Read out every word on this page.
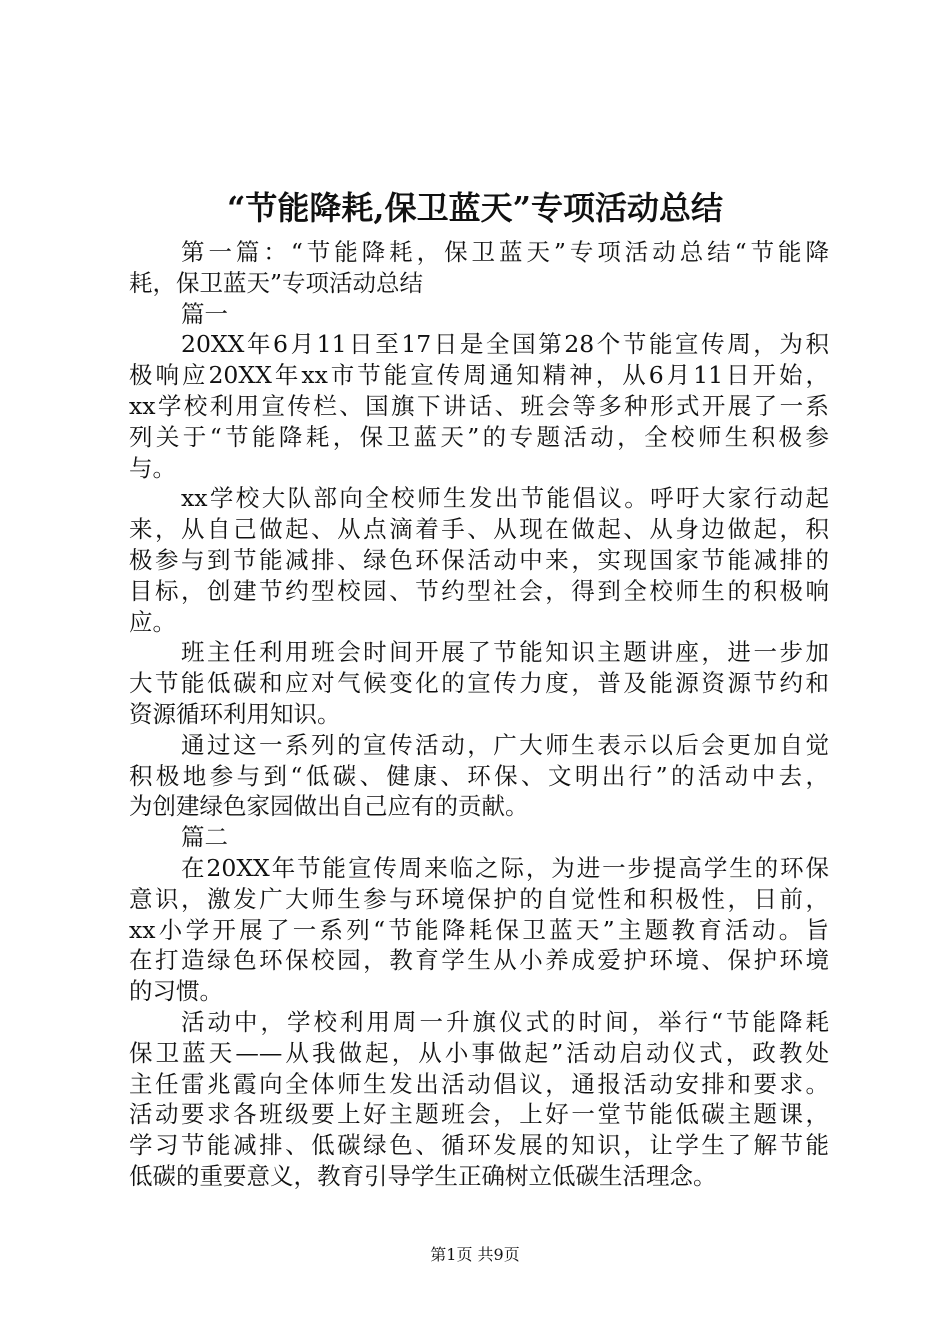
“节能降耗,保卫蓝天”专项活动总结
第一篇：“节能降耗，保卫蓝天”专项活动总结“节能降
耗，保卫蓝天”专项活动总结
篇一
20XX年6月11日至17日是全国第28个节能宣传周，为积
极响应20XX年xx市节能宣传周通知精神，从6月11日开始，
xx学校利用宣传栏、国旗下讲话、班会等多种形式开展了一系
列关于“节能降耗，保卫蓝天”的专题活动，全校师生积极参
与。
xx学校大队部向全校师生发出节能倡议。呼吁大家行动起
来，从自己做起、从点滴着手、从现在做起、从身边做起，积
极参与到节能减排、绿色环保活动中来，实现国家节能减排的
目标，创建节约型校园、节约型社会，得到全校师生的积极响
应。
班主任利用班会时间开展了节能知识主题讲座，进一步加
大节能低碳和应对气候变化的宣传力度，普及能源资源节约和
资源循环利用知识。
通过这一系列的宣传活动，广大师生表示以后会更加自觉
积极地参与到“低碳、健康、环保、文明出行”的活动中去，
为创建绿色家园做出自己应有的贡献。
篇二
在20XX年节能宣传周来临之际，为进一步提高学生的环保
意识，激发广大师生参与环境保护的自觉性和积极性，日前，
xx小学开展了一系列“节能降耗保卫蓝天”主题教育活动。旨
在打造绿色环保校园，教育学生从小养成爱护环境、保护环境
的习惯。
活动中，学校利用周一升旗仪式的时间，举行“节能降耗
保卫蓝天——从我做起，从小事做起”活动启动仪式，政教处
主任雷兆霞向全体师生发出活动倡议，通报活动安排和要求。
活动要求各班级要上好主题班会，上好一堂节能低碳主题课，
学习节能减排、低碳绿色、循环发展的知识，让学生了解节能
低碳的重要意义，教育引导学生正确树立低碳生活理念。
第1页 共9页
